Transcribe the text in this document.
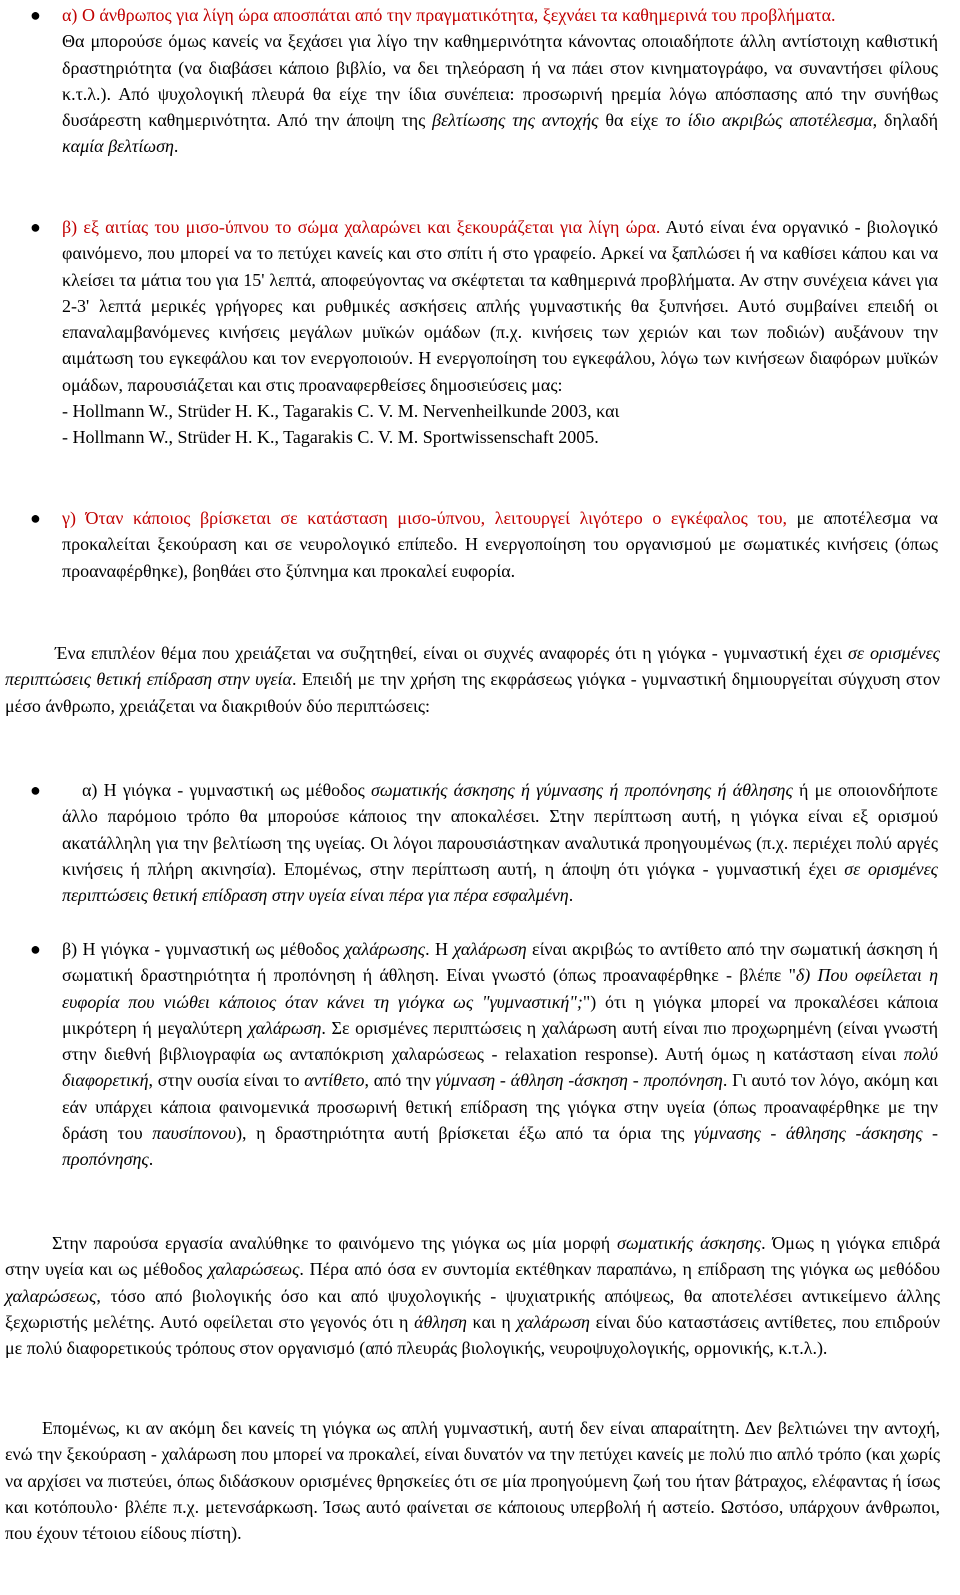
● α) Ο άνθρωπος για λίγη ώρα αποσπάται από την πραγματικότητα, ξεχνάει τα καθημερινά του προβλήματα.

Θα μπορούσε όμως κανείς να ξεχάσει για λίγο την καθημερινότητα κάνοντας οποιαδήποτε άλλη αντίστοιχη καθιστική δραστηριότητα (να διαβάσει κάποιο βιβλίο, να δει τηλεόραση ή να πάει στον κινηματογράφο, να συναντήσει φίλους κ.τ.λ.). Από ψυχολογική πλευρά θα είχε την ίδια συνέπεια: προσωρινή ηρεμία λόγω απόσπασης από την συνήθως δυσάρεστη καθημερινότητα. Από την άποψη της βελτίωσης της αντοχής θα είχε το ίδιο ακριβώς αποτέλεσμα, δηλαδή καμία βελτίωση.

● β) εξ αιτίας του μισο-ύπνου το σώμα χαλαρώνει και ξεκουράζεται για λίγη ώρα. Αυτό είναι ένα οργανικό - βιολογικό φαινόμενο, που μπορεί να το πετύχει κανείς και στο σπίτι ή στο γραφείο. Αρκεί να ξαπλώσει ή να καθίσει κάπου και να κλείσει τα μάτια του για 15' λεπτά, αποφεύγοντας να σκέφτεται τα καθημερινά προβλήματα. Αν στην συνέχεια κάνει για 2-3' λεπτά μερικές γρήγορες και ρυθμικές ασκήσεις απλής γυμναστικής θα ξυπνήσει. Αυτό συμβαίνει επειδή οι επαναλαμβανόμενες κινήσεις μεγάλων μυϊκών ομάδων (π.χ. κινήσεις των χεριών και των ποδιών) αυξάνουν την αιμάτωση του εγκεφάλου και τον ενεργοποιούν. Η ενεργοποίηση του εγκεφάλου, λόγω των κινήσεων διαφόρων μυϊκών ομάδων, παρουσιάζεται και στις προαναφερθείσες δημοσιεύσεις μας:

- Hollmann W., Strüder H. K., Tagarakis C. V. M. Nervenheilkunde 2003, και

- Hollmann W., Strüder H. K., Tagarakis C. V. M. Sportwissenschaft 2005.

● γ) Όταν κάποιος βρίσκεται σε κατάσταση μισο-ύπνου, λειτουργεί λιγότερο ο εγκέφαλος του, με αποτέλεσμα να προκαλείται ξεκούραση και σε νευρολογικό επίπεδο. Η ενεργοποίηση του οργανισμού με σωματικές κινήσεις (όπως προαναφέρθηκε), βοηθάει στο ξύπνημα και προκαλεί ευφορία.

Ένα επιπλέον θέμα που χρειάζεται να συζητηθεί, είναι οι συχνές αναφορές ότι η γιόγκα - γυμναστική έχει σε ορισμένες περιπτώσεις θετική επίδραση στην υγεία. Επειδή με την χρήση της εκφράσεως γιόγκα - γυμναστική δημιουργείται σύγχυση στον μέσο άνθρωπο, χρειάζεται να διακριθούν δύο περιπτώσεις:

●	α) Η γιόγκα - γυμναστική ως μέθοδος σωματικής άσκησης ή γύμνασης ή προπόνησης ή άθλησης ή με οποιονδήποτε άλλο παρόμοιο τρόπο θα μπορούσε κάποιος την αποκαλέσει. Στην περίπτωση αυτή, η γιόγκα είναι εξ ορισμού ακατάλληλη για την βελτίωση της υγείας. Οι λόγοι παρουσιάστηκαν αναλυτικά προηγουμένως (π.χ. περιέχει πολύ αργές κινήσεις ή πλήρη ακινησία). Επομένως, στην περίπτωση αυτή, η άποψη ότι γιόγκα - γυμναστική έχει σε ορισμένες περιπτώσεις θετική επίδραση στην υγεία είναι πέρα για πέρα εσφαλμένη.

● β) Η γιόγκα - γυμναστική ως μέθοδος χαλάρωσης. Η χαλάρωση είναι ακριβώς το αντίθετο από την σωματική άσκηση ή σωματική δραστηριότητα ή προπόνηση ή άθληση. Είναι γνωστό (όπως προαναφέρθηκε - βλέπε "δ) Που οφείλεται η ευφορία που νιώθει κάποιος όταν κάνει τη γιόγκα ως "γυμναστική";") ότι η γιόγκα μπορεί να προκαλέσει κάποια μικρότερη ή μεγαλύτερη χαλάρωση. Σε ορισμένες περιπτώσεις η χαλάρωση αυτή είναι πιο προχωρημένη (είναι γνωστή στην διεθνή βιβλιογραφία ως ανταπόκριση χαλαρώσεως - relaxation response). Αυτή όμως η κατάσταση είναι πολύ διαφορετική, στην ουσία είναι το αντίθετο, από την γύμναση - άθληση -άσκηση - προπόνηση. Γι αυτό τον λόγο, ακόμη και εάν υπάρχει κάποια φαινομενικά προσωρινή θετική επίδραση της γιόγκα στην υγεία (όπως προαναφέρθηκε με την δράση του παυσίπονου), η δραστηριότητα αυτή βρίσκεται έξω από τα όρια της γύμνασης - άθλησης -άσκησης - προπόνησης.

Στην παρούσα εργασία αναλύθηκε το φαινόμενο της γιόγκα ως μία μορφή σωματικής άσκησης. Όμως η γιόγκα επιδρά στην υγεία και ως μέθοδος χαλαρώσεως. Πέρα από όσα εν συντομία εκτέθηκαν παραπάνω, η επίδραση της γιόγκα ως μεθόδου χαλαρώσεως, τόσο από βιολογικής όσο και από ψυχολογικής - ψυχιατρικής απόψεως, θα αποτελέσει αντικείμενο άλλης ξεχωριστής μελέτης. Αυτό οφείλεται στο γεγονός ότι η άθληση και η χαλάρωση είναι δύο καταστάσεις αντίθετες, που επιδρούν με πολύ διαφορετικούς τρόπους στον οργανισμό (από πλευράς βιολογικής, νευροψυχολογικής, ορμονικής, κ.τ.λ.).

Επομένως, κι αν ακόμη δει κανείς τη γιόγκα ως απλή γυμναστική, αυτή δεν είναι απαραίτητη. Δεν βελτιώνει την αντοχή, ενώ την ξεκούραση - χαλάρωση που μπορεί να προκαλεί, είναι δυνατόν να την πετύχει κανείς με πολύ πιο απλό τρόπο (και χωρίς να αρχίσει να πιστεύει, όπως διδάσκουν ορισμένες θρησκείες ότι σε μία προηγούμενη ζωή του ήταν βάτραχος, ελέφαντας ή ίσως και κοτόπουλο· βλέπε π.χ. μετενσάρκωση. Ίσως αυτό φαίνεται σε κάποιους υπερβολή ή αστείο. Ωστόσο, υπάρχουν άνθρωποι, που έχουν τέτοιου είδους πίστη).
